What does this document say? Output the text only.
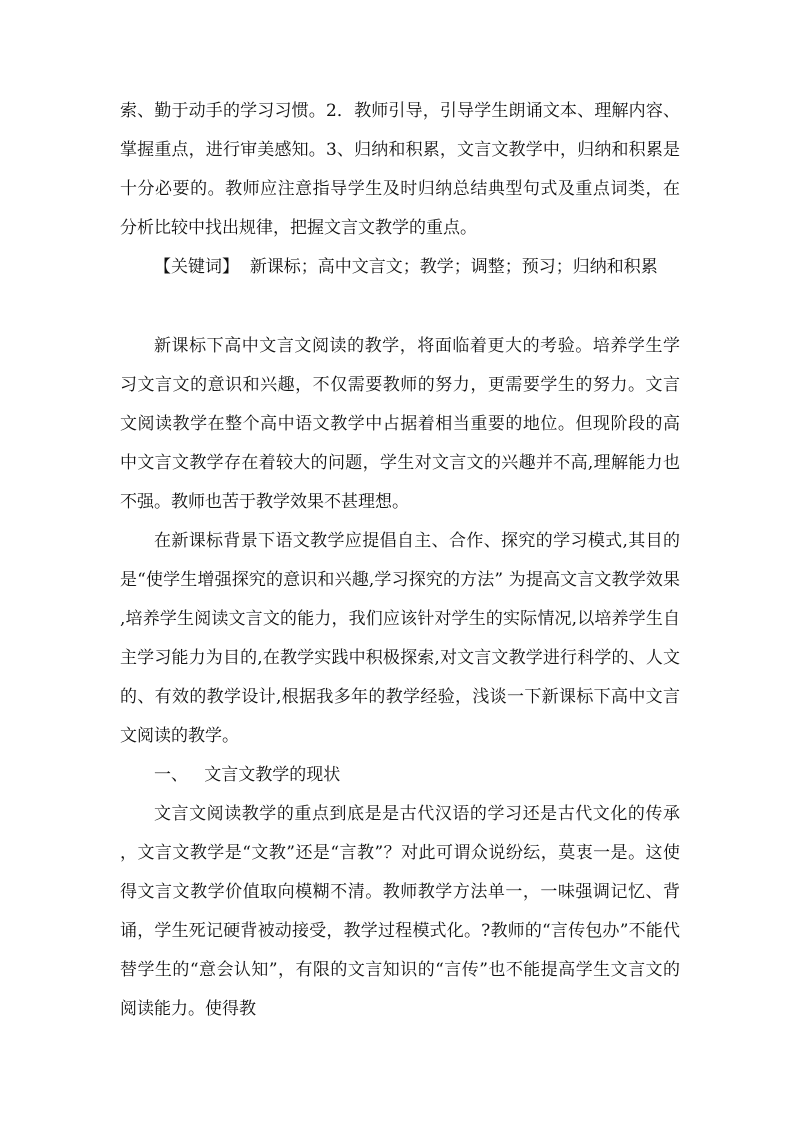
索、勤于动手的学习习惯。2．教师引导，引导学生朗诵文本、理解内容、掌握重点，进行审美感知。3、归纳和积累，文言文教学中，归纳和积累是十分必要的。教师应注意指导学生及时归纳总结典型句式及重点词类，在分析比较中找出规律，把握文言文教学的重点。

【关键词】 新课标；高中文言文；教学；调整；预习；归纳和积累

新课标下高中文言文阅读的教学，将面临着更大的考验。培养学生学习文言文的意识和兴趣，不仅需要教师的努力，更需要学生的努力。文言文阅读教学在整个高中语文教学中占据着相当重要的地位。但现阶段的高中文言文教学存在着较大的问题，学生对文言文的兴趣并不高,理解能力也不强。教师也苦于教学效果不甚理想。

在新课标背景下语文教学应提倡自主、合作、探究的学习模式,其目的是“使学生增强探究的意识和兴趣,学习探究的方法” 为提高文言文教学效果,培养学生阅读文言文的能力，我们应该针对学生的实际情况,以培养学生自主学习能力为目的,在教学实践中积极探索,对文言文教学进行科学的、人文的、有效的教学设计,根据我多年的教学经验，浅谈一下新课标下高中文言文阅读的教学。

一、 文言文教学的现状

文言文阅读教学的重点到底是是古代汉语的学习还是古代文化的传承，文言文教学是“文教”还是“言教”？对此可谓众说纷纭，莫衷一是。这使得文言文教学价值取向模糊不清。教师教学方法单一，一味强调记忆、背诵，学生死记硬背被动接受，教学过程模式化。?教师的“言传包办”不能代替学生的“意会认知”，有限的文言知识的“言传”也不能提高学生文言文的阅读能力。使得教
